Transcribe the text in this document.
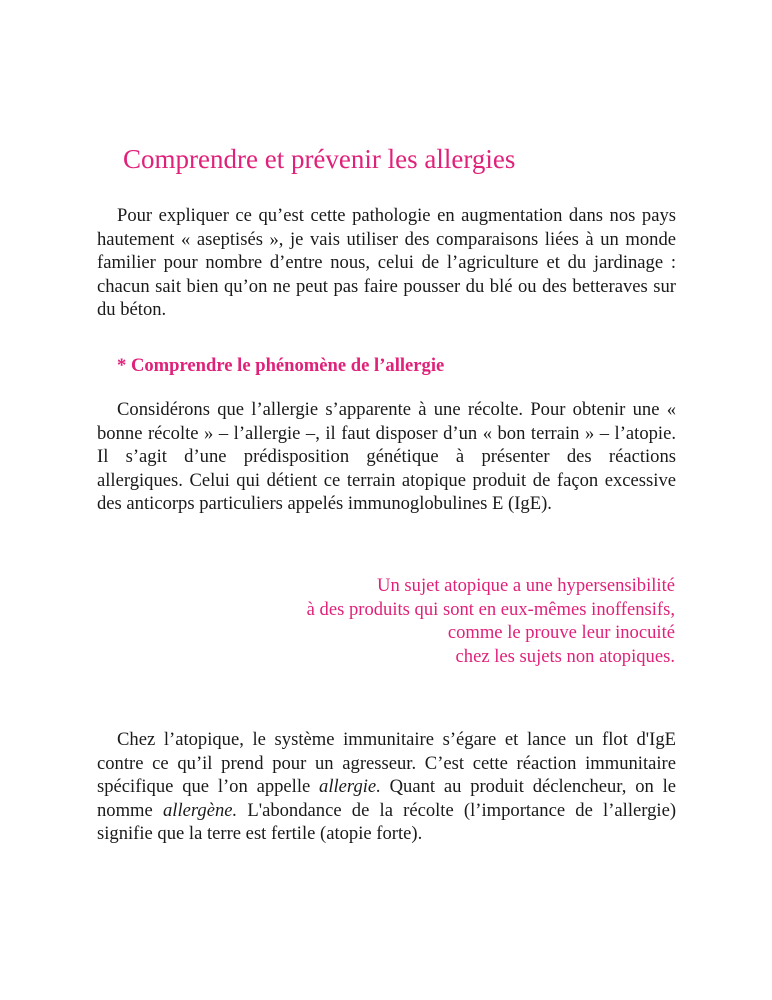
Comprendre et prévenir les allergies

Pour expliquer ce qu’est cette pathologie en augmentation dans nos pays
hautement « aseptisés », je vais utiliser des comparaisons liées à un monde
familier pour nombre d’entre nous, celui de l’agriculture et du jardinage :
chacun sait bien qu’on ne peut pas faire pousser du blé ou des betteraves sur
du béton.

* Comprendre le phénomène de l’allergie

Considérons que l’allergie s’apparente à une récolte. Pour obtenir une «
bonne récolte » – l’allergie –, il faut disposer d’un « bon terrain » – l’atopie.
Il s’agit d’une prédisposition génétique à présenter des réactions
allergiques. Celui qui détient ce terrain atopique produit de façon excessive
des anticorps particuliers appelés immunoglobulines E (IgE).

Un sujet atopique a une hypersensibilité
à des produits qui sont en eux-mêmes inoffensifs,
comme le prouve leur inocuité
chez les sujets non atopiques.

Chez l’atopique, le système immunitaire s’égare et lance un flot d'IgE
contre ce qu’il prend pour un agresseur. C’est cette réaction immunitaire
spécifique que l’on appelle allergie. Quant au produit déclencheur, on le
nomme allergène. L'abondance de la récolte (l’importance de l’allergie)
signifie que la terre est fertile (atopie forte).
